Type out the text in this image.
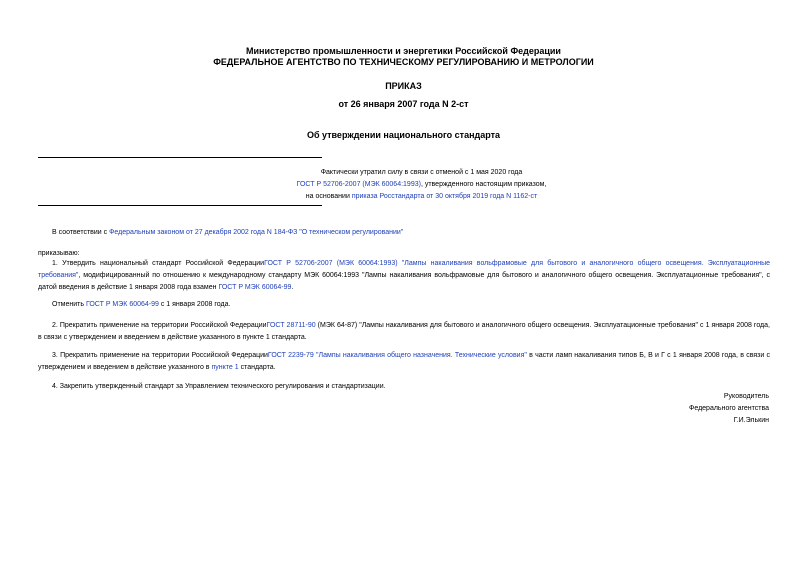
Министерство промышленности и энергетики Российской Федерации
ФЕДЕРАЛЬНОЕ АГЕНТСТВО ПО ТЕХНИЧЕСКОМУ РЕГУЛИРОВАНИЮ И МЕТРОЛОГИИ
ПРИКАЗ
от 26 января 2007 года N 2-ст
Об утверждении национального стандарта
Фактически утратил силу в связи с отменой с 1 мая 2020 года
ГОСТ Р 52706-2007 (МЭК 60064:1993), утвержденного настоящим приказом,
на основании приказа Росстандарта от 30 октября 2019 года N 1162-ст
В соответствии с Федеральным законом от 27 декабря 2002 года N 184-ФЗ "О техническом регулировании"
приказываю:
1. Утвердить национальный стандарт Российской ФедерацииГОСТ Р 52706-2007 (МЭК 60064:1993) "Лампы накаливания вольфрамовые для бытового и аналогичного общего освещения. Эксплуатационные требования", модифицированный по отношению к международному стандарту МЭК 60064:1993 "Лампы накаливания вольфрамовые для бытового и аналогичного общего освещения. Эксплуатационные требования", с датой введения в действие 1 января 2008 года взамен ГОСТ Р МЭК 60064-99.
Отменить ГОСТ Р МЭК 60064-99 с 1 января 2008 года.
2. Прекратить применение на территории Российской ФедерацииГОСТ 28711-90 (МЭК 64-87) "Лампы накаливания для бытового и аналогичного общего освещения. Эксплуатационные требования" с 1 января 2008 года, в связи с утверждением и введением в действие указанного в пункте 1 стандарта.
3. Прекратить применение на территории Российской ФедерацииГОСТ 2239-79 "Лампы накаливания общего назначения. Технические условия" в части ламп накаливания типов Б, В и Г с 1 января 2008 года, в связи с утверждением и введением в действие указанного в пункте 1 стандарта.
4. Закрепить утвержденный стандарт за Управлением технического регулирования и стандартизации.
Руководитель
Федерального агентства
Г.И.Элькин
